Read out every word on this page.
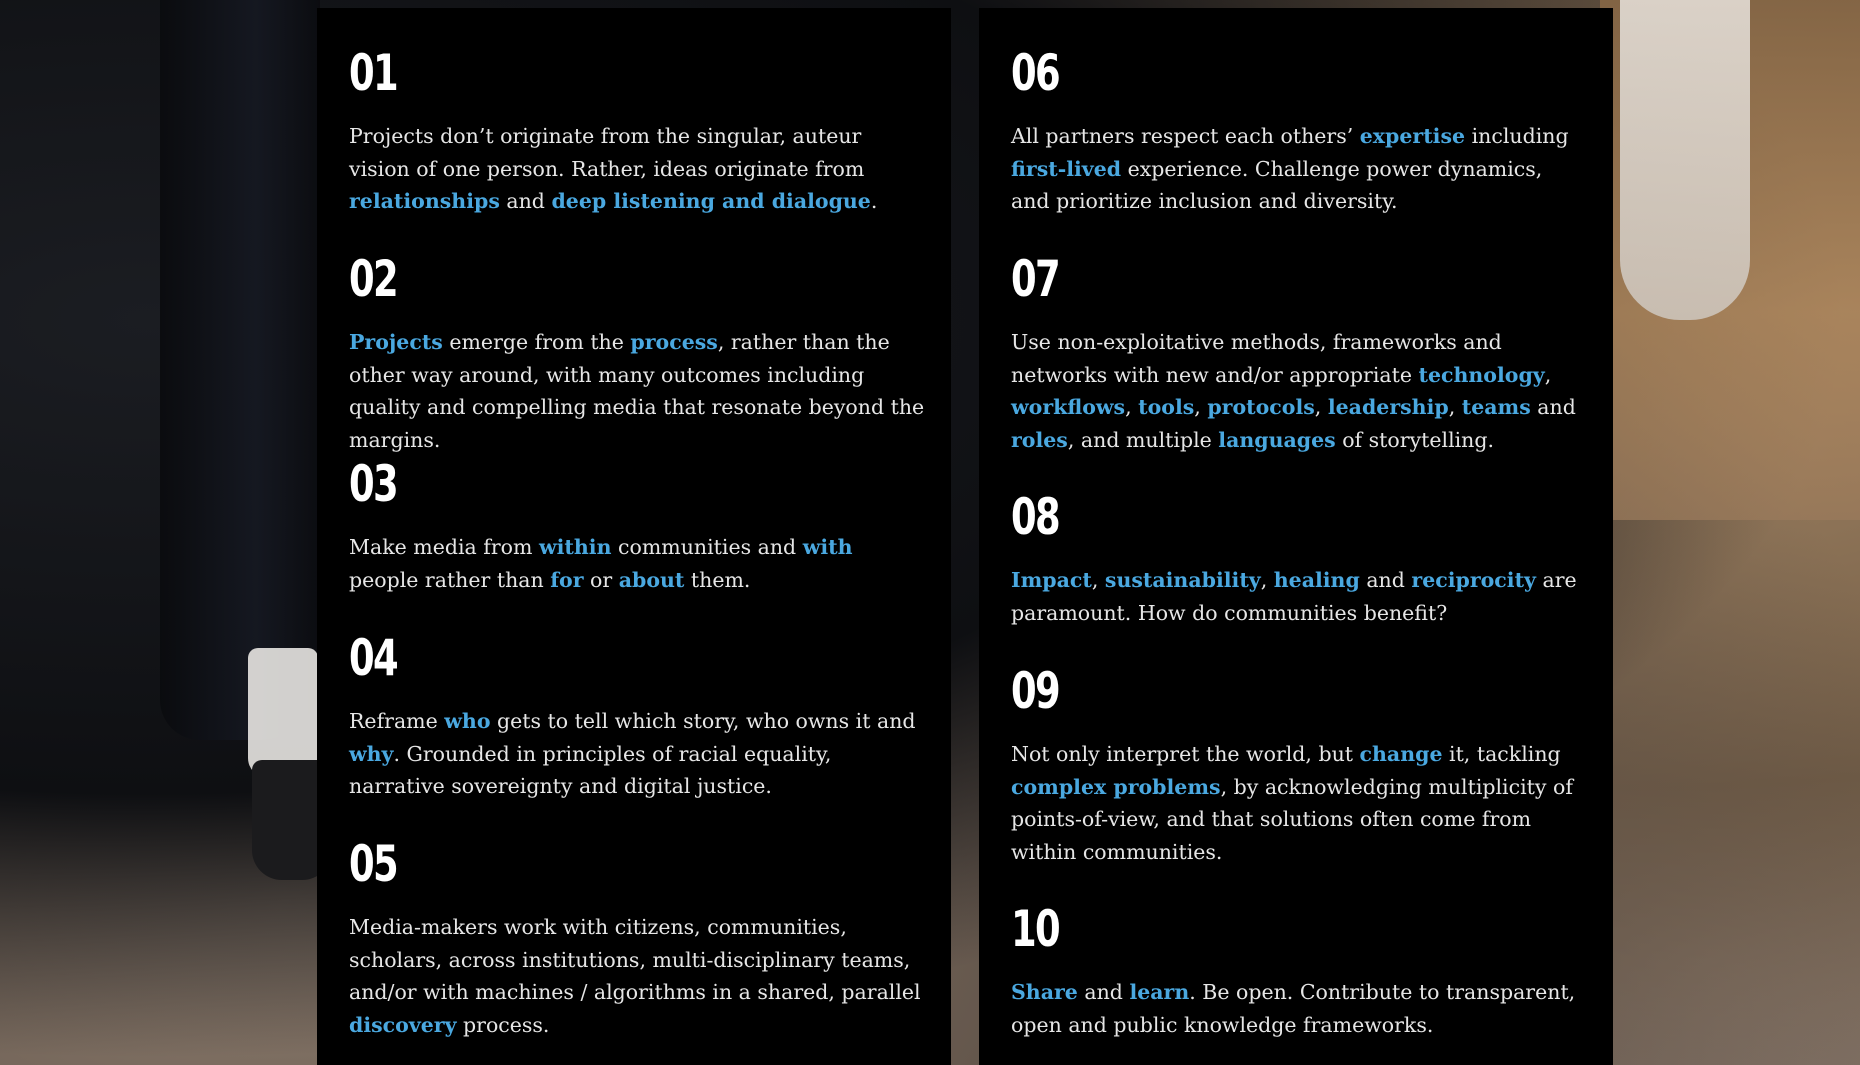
01
Projects don’t originate from the singular, auteur vision of one person. Rather, ideas originate from relationships and deep listening and dialogue.
02
Projects emerge from the process, rather than the other way around, with many outcomes including quality and compelling media that resonate beyond the margins.
03
Make media from within communities and with people rather than for or about them.
04
Reframe who gets to tell which story, who owns it and why. Grounded in principles of racial equality, narrative sovereignty and digital justice.
05
Media-makers work with citizens, communities, scholars, across institutions, multi-disciplinary teams, and/or with machines / algorithms in a shared, parallel discovery process.
06
All partners respect each others’ expertise including first-lived experience. Challenge power dynamics, and prioritize inclusion and diversity.
07
Use non-exploitative methods, frameworks and networks with new and/or appropriate technology, workflows, tools, protocols, leadership, teams and roles, and multiple languages of storytelling.
08
Impact, sustainability, healing and reciprocity are paramount. How do communities benefit?
09
Not only interpret the world, but change it, tackling complex problems, by acknowledging multiplicity of points-of-view, and that solutions often come from within communities.
10
Share and learn. Be open. Contribute to transparent, open and public knowledge frameworks.
